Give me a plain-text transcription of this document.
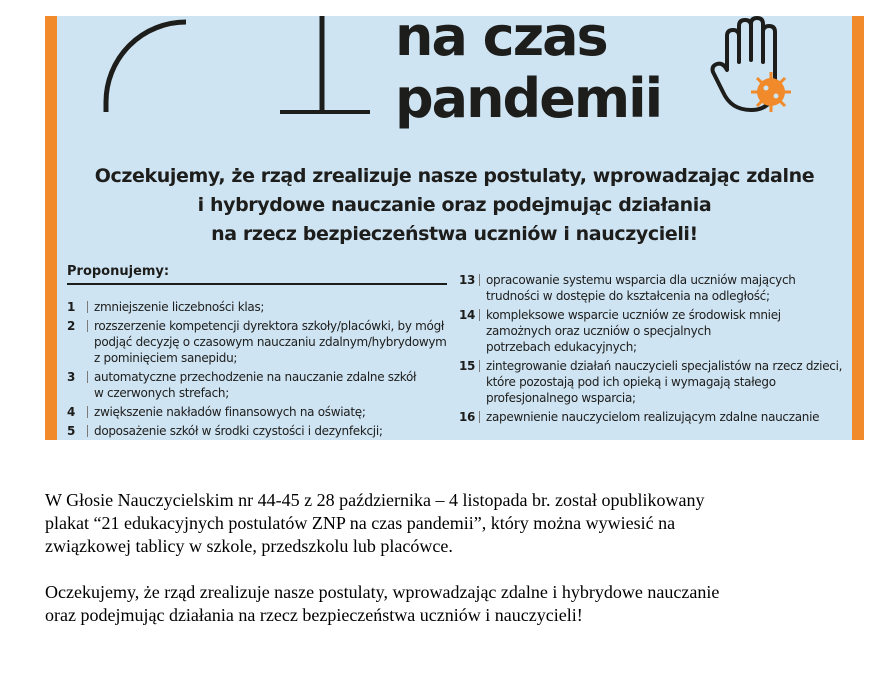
na czas
pandemii
Oczekujemy, że rząd zrealizuje nasze postulaty, wprowadzając zdalne
i hybrydowe nauczanie oraz podejmując działania
na rzecz bezpieczeństwa uczniów i nauczycieli!
Proponujemy:
1	zmniejszenie liczebności klas;
2	rozszerzenie kompetencji dyrektora szkoły/placówki, by mógł
podjąć decyzję o czasowym nauczaniu zdalnym/hybrydowym
z pominięciem sanepidu;
3	automatyczne przechodzenie na nauczanie zdalne szkół
w czerwonych strefach;
4	zwiększenie nakładów finansowych na oświatę;
5	doposażenie szkół w środki czystości i dezynfekcji;
13 opracowanie systemu wsparcia dla uczniów mających
trudności w dostępie do kształcenia na odległość;
14 kompleksowe wsparcie uczniów ze środowisk mniej
zamożnych oraz uczniów o specjalnych
potrzebach edukacyjnych;
15 zintegrowanie działań nauczycieli specjalistów na rzecz dzieci,
które pozostają pod ich opieką i wymagają stałego
profesjonalnego wsparcia;
16 zapewnienie nauczycielom realizującym zdalne nauczanie
W Głosie Nauczycielskim nr 44-45 z 28 października – 4 listopada br. został opublikowany
plakat “21 edukacyjnych postulatów ZNP na czas pandemii”, który można wywiesić na
związkowej tablicy w szkole, przedszkolu lub placówce.
Oczekujemy, że rząd zrealizuje nasze postulaty, wprowadzając zdalne i hybrydowe nauczanie
oraz podejmując działania na rzecz bezpieczeństwa uczniów i nauczycieli!
